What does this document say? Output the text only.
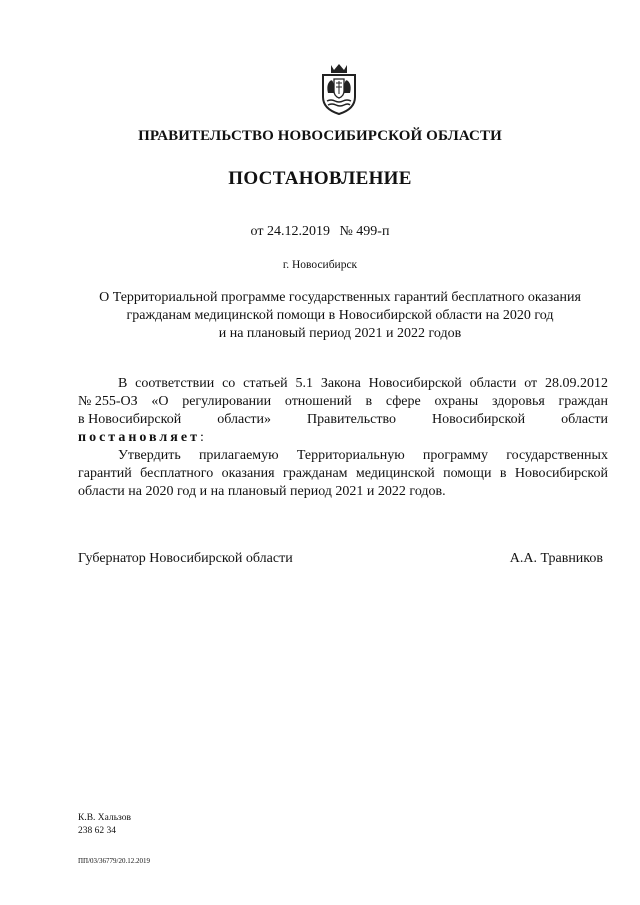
ПРАВИТЕЛЬСТВО НОВОСИБИРСКОЙ ОБЛАСТИ
ПОСТАНОВЛЕНИЕ
от 24.12.2019 № 499-п
г. Новосибирск
О Территориальной программе государственных гарантий бесплатного оказания
гражданам медицинской помощи в Новосибирской области на 2020 год
и на плановый период 2021 и 2022 годов
В соответствии со статьей 5.1 Закона Новосибирской области от 28.09.2012
№ 255-ОЗ «О регулировании отношений в сфере охраны здоровья граждан
в Новосибирской	области»	Правительство	Новосибирской	области
постановляет:
Утвердить прилагаемую Территориальную программу государственных
гарантий бесплатного оказания гражданам медицинской помощи в Новосибирской
области на 2020 год и на плановый период 2021 и 2022 годов.
Губернатор Новосибирской области	А.А. Травников
К.В. Хальзов
238 62 34
ПП/03/36779/20.12.2019
